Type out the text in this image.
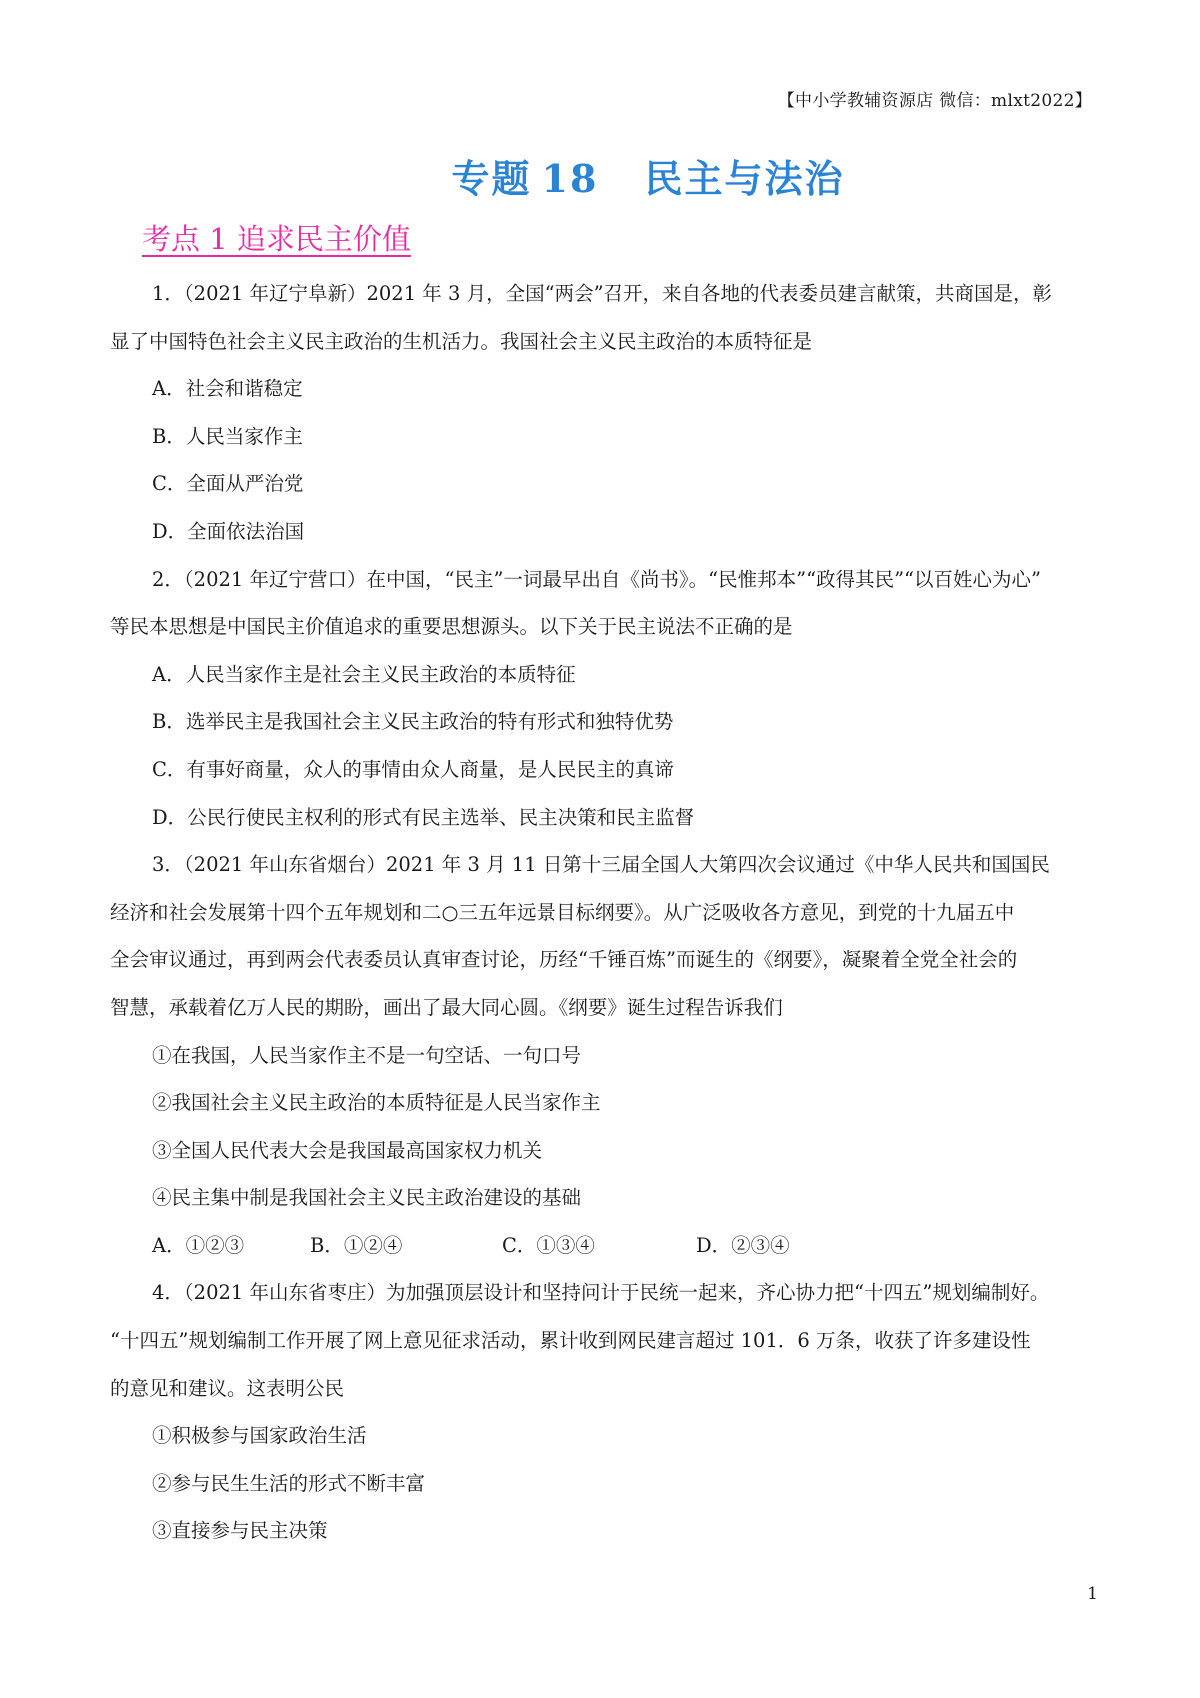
【中小学教辅资源店 微信：mlxt2022】
专题 18 民主与法治
考点 1 追求民主价值
1．（2021 年辽宁阜新）2021 年 3 月，全国“两会”召开，来自各地的代表委员建言献策，共商国是，彰
显了中国特色社会主义民主政治的生机活力。我国社会主义民主政治的本质特征是
A．社会和谐稳定
B．人民当家作主
C．全面从严治党
D．全面依法治国
2．（2021 年辽宁营口）在中国，“民主”一词最早出自《尚书》。“民惟邦本”“政得其民”“以百姓心为心”
等民本思想是中国民主价值追求的重要思想源头。以下关于民主说法不正确的是
A．人民当家作主是社会主义民主政治的本质特征
B．选举民主是我国社会主义民主政治的特有形式和独特优势
C．有事好商量，众人的事情由众人商量，是人民民主的真谛
D．公民行使民主权利的形式有民主选举、民主决策和民主监督
3．（2021 年山东省烟台）2021 年 3 月 11 日第十三届全国人大第四次会议通过《中华人民共和国国民
经济和社会发展第十四个五年规划和二○三五年远景目标纲要》。从广泛吸收各方意见，到党的十九届五中
全会审议通过，再到两会代表委员认真审查讨论，历经“千锤百炼”而诞生的《纲要》，凝聚着全党全社会的
智慧，承载着亿万人民的期盼，画出了最大同心圆。《纲要》诞生过程告诉我们
①在我国，人民当家作主不是一句空话、一句口号
②我国社会主义民主政治的本质特征是人民当家作主
③全国人民代表大会是我国最高国家权力机关
④民主集中制是我国社会主义民主政治建设的基础
A．①②③	B．①②④	C．①③④	D．②③④
4．（2021 年山东省枣庄）为加强顶层设计和坚持问计于民统一起来，齐心协力把“十四五”规划编制好。
“十四五”规划编制工作开展了网上意见征求活动，累计收到网民建言超过 101．6 万条，收获了许多建设性
的意见和建议。这表明公民
①积极参与国家政治生活
②参与民生生活的形式不断丰富
③直接参与民主决策
1
